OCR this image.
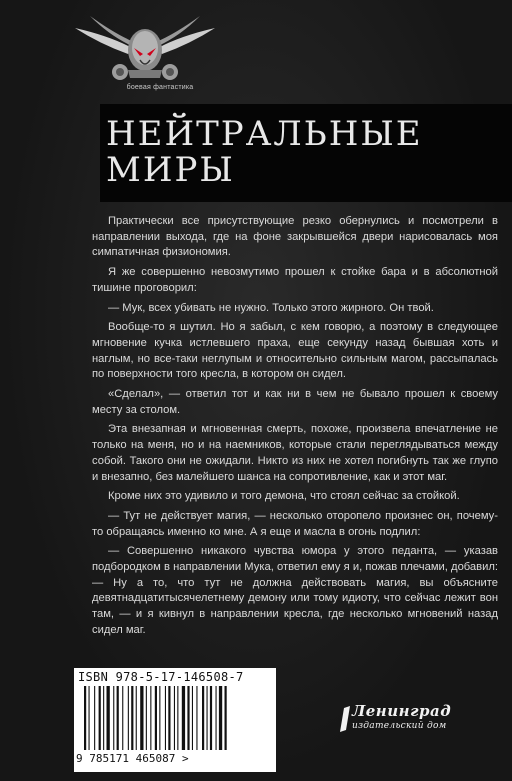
боевая фантастика
НЕЙТРАЛЬНЫЕ
МИРЫ

Практически все присутствующие резко обернулись и посмотрели в направлении выхода, где на фоне закрывшейся двери нарисовалась моя симпатичная физиономия.

Я же совершенно невозмутимо прошел к стойке бара и в абсолютной тишине проговорил:

— Мук, всех убивать не нужно. Только этого жирного. Он твой.

Вообще-то я шутил. Но я забыл, с кем говорю, а поэтому в следующее мгновение кучка истлевшего праха, еще секунду назад бывшая хоть и наглым, но все-таки неглупым и относительно сильным магом, рассыпалась по поверхности того кресла, в котором он сидел.

«Сделал», — ответил тот и как ни в чем не бывало прошел к своему месту за столом.

Эта внезапная и мгновенная смерть, похоже, произвела впечатление не только на меня, но и на наемников, которые стали переглядываться между собой. Такого они не ожидали. Никто из них не хотел погибнуть так же глупо и внезапно, без малейшего шанса на сопротивление, как и этот маг.

Кроме них это удивило и того демона, что стоял сейчас за стойкой.

— Тут не действует магия, — несколько оторопело произнес он, почему-то обращаясь именно ко мне. А я еще и масла в огонь подлил:

— Совершенно никакого чувства юмора у этого педанта, — указав подбородком в направлении Мука, ответил ему я и, пожав плечами, добавил: — Ну а то, что тут не должна действовать магия, вы объясните девятнадцатитысячелетнему демону или тому идиоту, что сейчас лежит вон там, — и я кивнул в направлении кресла, где несколько мгновений назад сидел маг.

ISBN 978-5-17-146508-7
9 785171 465087 >
Ленинград
издательский дом
